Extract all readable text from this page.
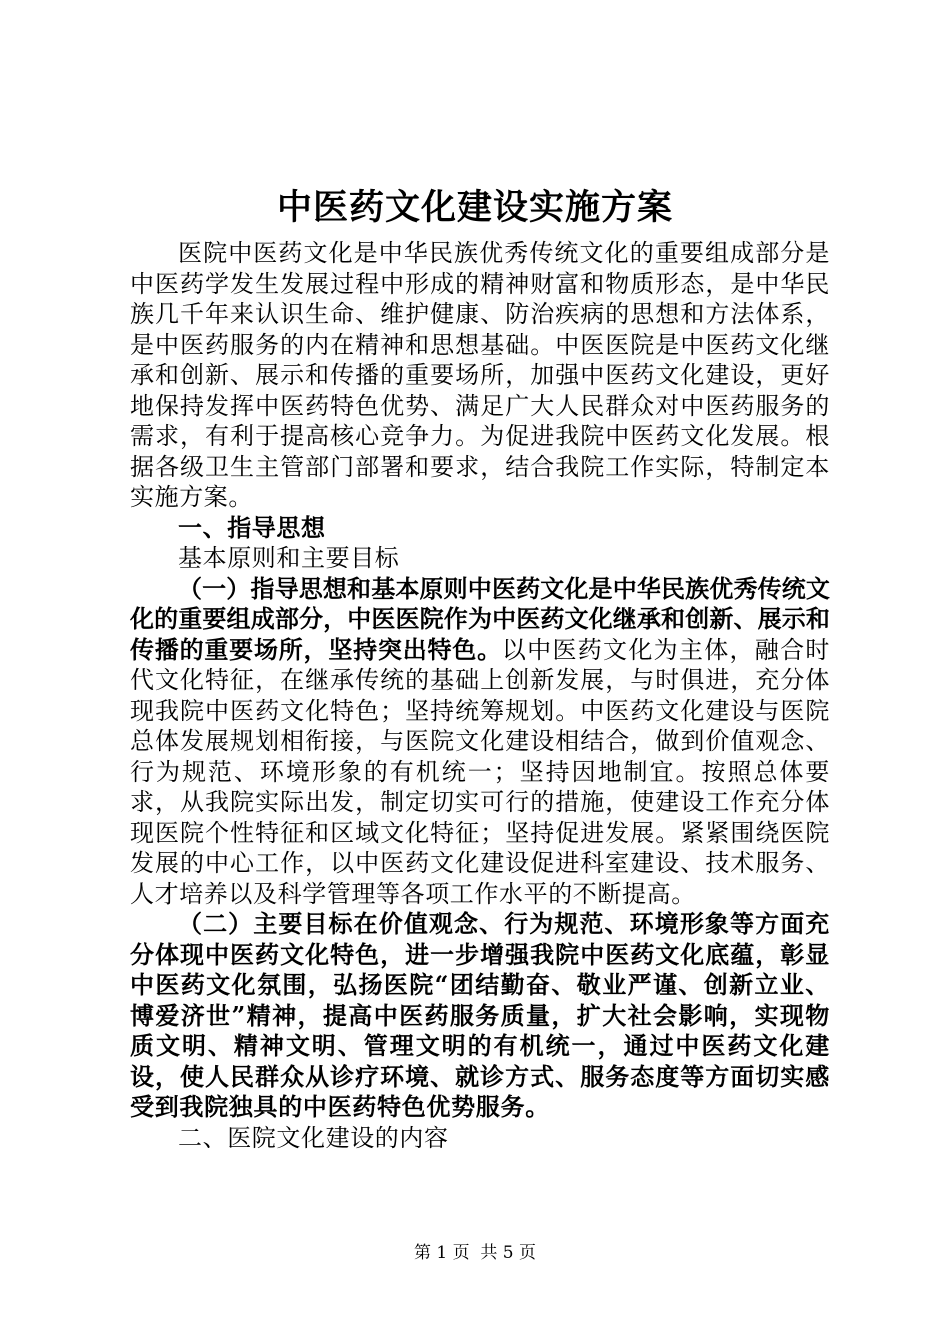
中医药文化建设实施方案

医院中医药文化是中华民族优秀传统文化的重要组成部分是中医药学发生发展过程中形成的精神财富和物质形态，是中华民族几千年来认识生命、维护健康、防治疾病的思想和方法体系，是中医药服务的内在精神和思想基础。中医医院是中医药文化继承和创新、展示和传播的重要场所，加强中医药文化建设，更好地保持发挥中医药特色优势、满足广大人民群众对中医药服务的需求，有利于提高核心竞争力。为促进我院中医药文化发展。根据各级卫生主管部门部署和要求，结合我院工作实际，特制定本实施方案。

一、指导思想

基本原则和主要目标

（一）指导思想和基本原则中医药文化是中华民族优秀传统文化的重要组成部分，中医医院作为中医药文化继承和创新、展示和传播的重要场所，坚持突出特色。以中医药文化为主体，融合时代文化特征，在继承传统的基础上创新发展，与时俱进，充分体现我院中医药文化特色；坚持统筹规划。中医药文化建设与医院总体发展规划相衔接，与医院文化建设相结合，做到价值观念、行为规范、环境形象的有机统一；坚持因地制宜。按照总体要求，从我院实际出发，制定切实可行的措施，使建设工作充分体现医院个性特征和区域文化特征；坚持促进发展。紧紧围绕医院发展的中心工作，以中医药文化建设促进科室建设、技术服务、人才培养以及科学管理等各项工作水平的不断提高。

（二）主要目标在价值观念、行为规范、环境形象等方面充分体现中医药文化特色，进一步增强我院中医药文化底蕴，彰显中医药文化氛围，弘扬医院“团结勤奋、敬业严谨、创新立业、博爱济世”精神，提高中医药服务质量，扩大社会影响，实现物质文明、精神文明、管理文明的有机统一，通过中医药文化建设，使人民群众从诊疗环境、就诊方式、服务态度等方面切实感受到我院独具的中医药特色优势服务。

二、医院文化建设的内容

第 1 页  共 5 页
